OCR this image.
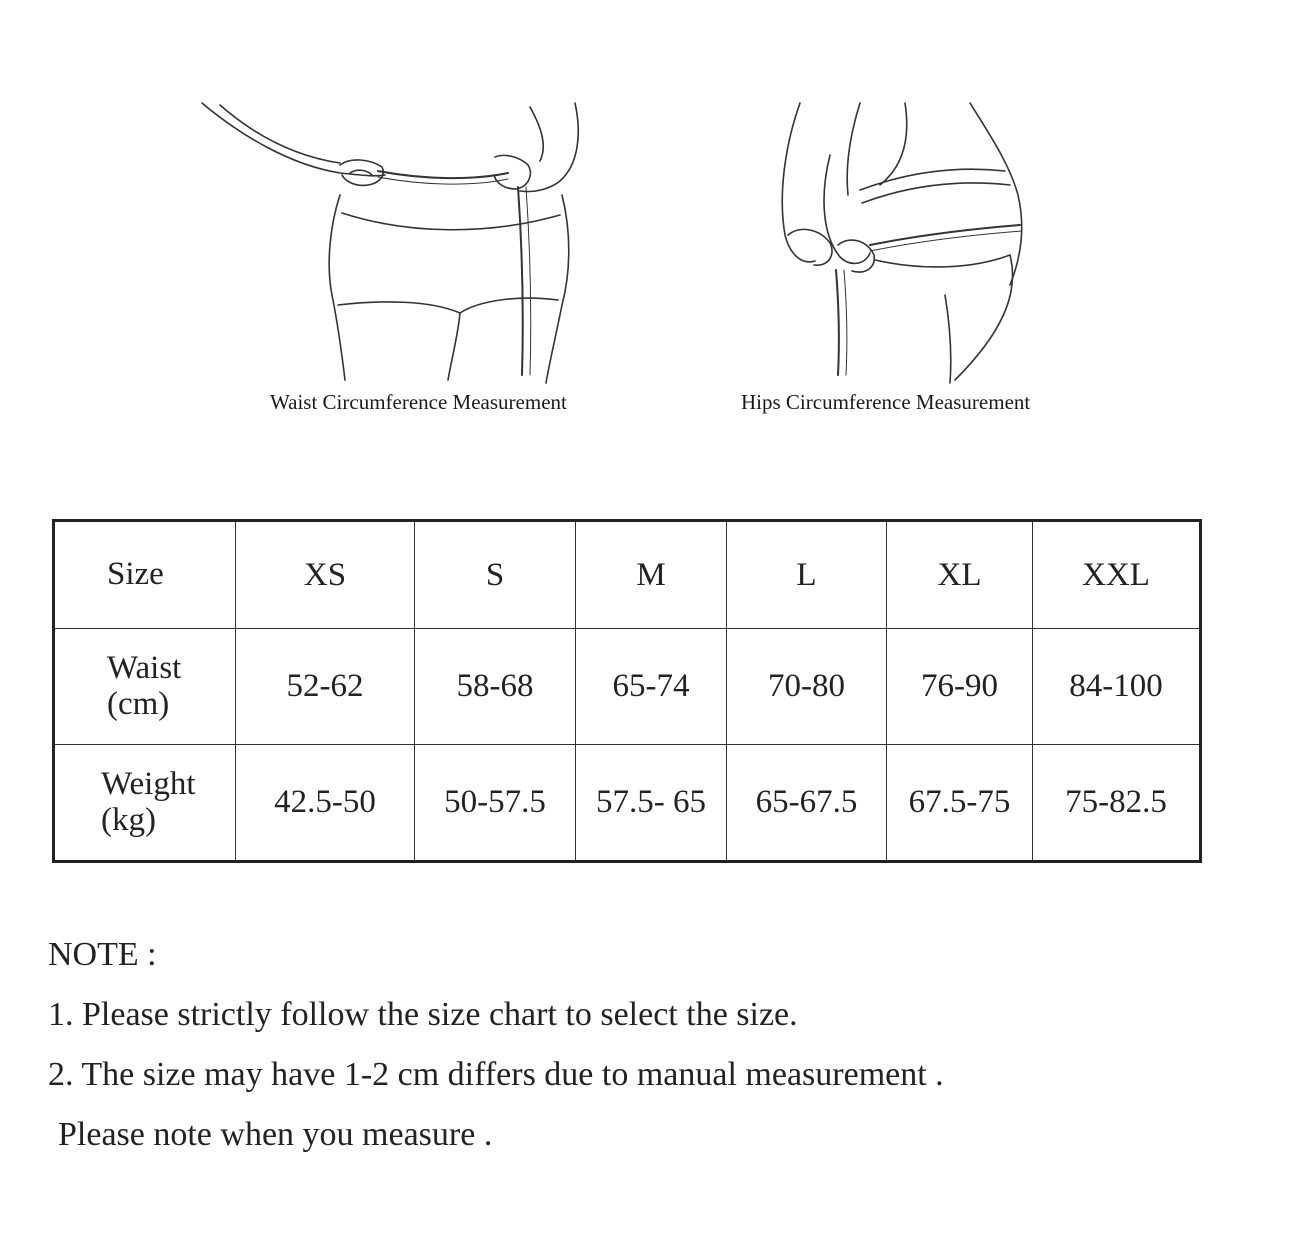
Waist Circumference Measurement	Hips Circumference Measurement
Size	XS	S	M	L	XL	XXL

Waist
(cm)	52-62	58-68	65-74	70-80	76-90	84-100

Weight
(kg)	42.5-50	50-57.5	57.5- 65	65-67.5	67.5-75	75-82.5
NOTE :
1. Please strictly follow the size chart to select the size.
2. The size may have 1-2 cm differs due to manual measurement .
Please note when you measure .
